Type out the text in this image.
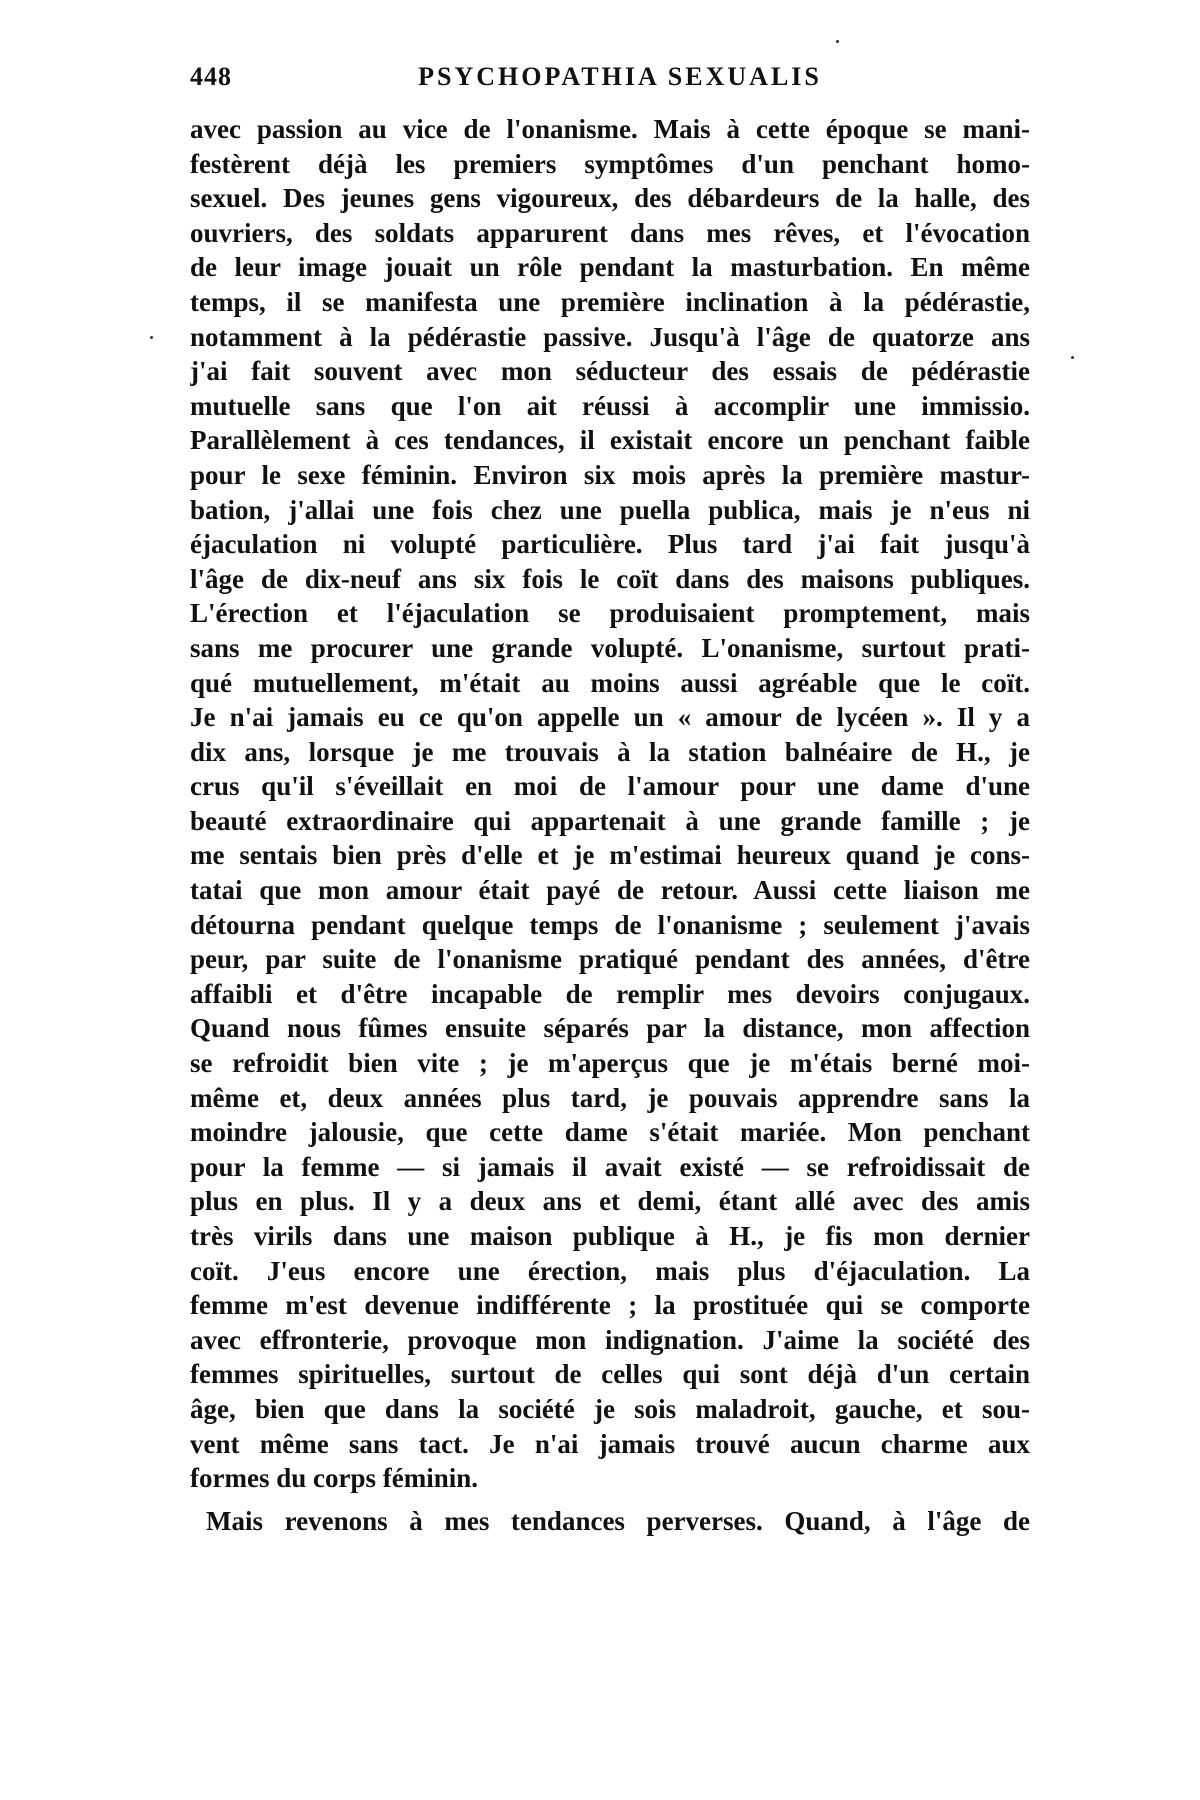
448	PSYCHOPATHIA SEXUALIS

avec passion au vice de l'onanisme. Mais à cette époque se mani-
festèrent déjà les premiers symptômes d'un penchant homo-
sexuel. Des jeunes gens vigoureux, des débardeurs de la halle, des
ouvriers, des soldats apparurent dans mes rêves, et l'évocation
de leur image jouait un rôle pendant la masturbation. En même
temps, il se manifesta une première inclination à la pédérastie,
notamment à la pédérastie passive. Jusqu'à l'âge de quatorze ans
j'ai fait souvent avec mon séducteur des essais de pédérastie
mutuelle sans que l'on ait réussi à accomplir une immissio.
Parallèlement à ces tendances, il existait encore un penchant faible
pour le sexe féminin. Environ six mois après la première mastur-
bation, j'allai une fois chez une puella publica, mais je n'eus ni
éjaculation ni volupté particulière. Plus tard j'ai fait jusqu'à
l'âge de dix-neuf ans six fois le coït dans des maisons publiques.
L'érection et l'éjaculation se produisaient promptement, mais
sans me procurer une grande volupté. L'onanisme, surtout prati-
qué mutuellement, m'était au moins aussi agréable que le coït.
Je n'ai jamais eu ce qu'on appelle un « amour de lycéen ». Il y a
dix ans, lorsque je me trouvais à la station balnéaire de H., je
crus qu'il s'éveillait en moi de l'amour pour une dame d'une
beauté extraordinaire qui appartenait à une grande famille ; je
me sentais bien près d'elle et je m'estimai heureux quand je cons-
tatai que mon amour était payé de retour. Aussi cette liaison me
détourna pendant quelque temps de l'onanisme ; seulement j'avais
peur, par suite de l'onanisme pratiqué pendant des années, d'être
affaibli et d'être incapable de remplir mes devoirs conjugaux.
Quand nous fûmes ensuite séparés par la distance, mon affection
se refroidit bien vite ; je m'aperçus que je m'étais berné moi-
même et, deux années plus tard, je pouvais apprendre sans la
moindre jalousie, que cette dame s'était mariée. Mon penchant
pour la femme — si jamais il avait existé — se refroidissait de
plus en plus. Il y a deux ans et demi, étant allé avec des amis
très virils dans une maison publique à H., je fis mon dernier
coït. J'eus encore une érection, mais plus d'éjaculation. La
femme m'est devenue indifférente ; la prostituée qui se comporte
avec effronterie, provoque mon indignation. J'aime la société des
femmes spirituelles, surtout de celles qui sont déjà d'un certain
âge, bien que dans la société je sois maladroit, gauche, et sou-
vent même sans tact. Je n'ai jamais trouvé aucun charme aux
formes du corps féminin.

Mais revenons à mes tendances perverses. Quand, à l'âge de
